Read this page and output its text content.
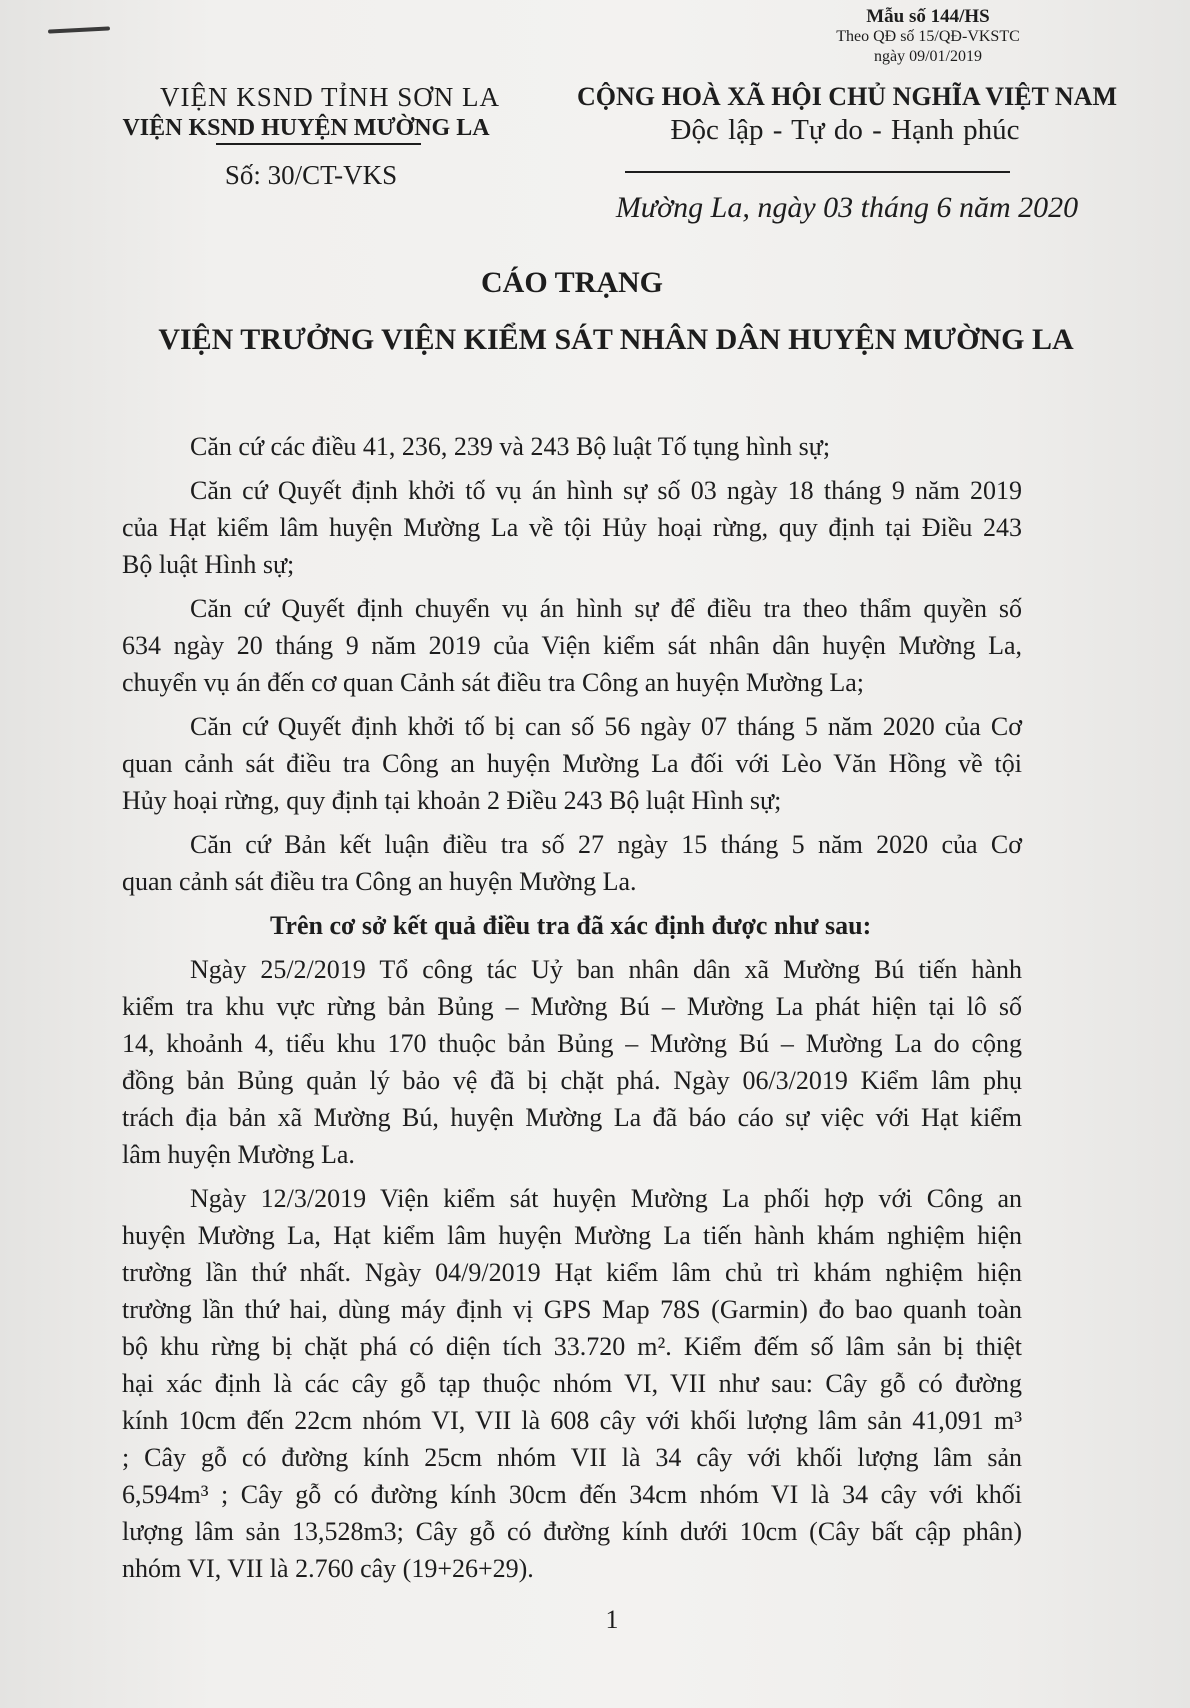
Mẫu số 144/HS
Theo QĐ số 15/QĐ-VKSTC
ngày 09/01/2019
VIỆN KSND TỈNH SƠN LA
VIỆN KSND HUYỆN MƯỜNG LA
Số: 30/CT-VKS
CỘNG HOÀ XÃ HỘI CHỦ NGHĨA VIỆT NAM
Độc lập - Tự do - Hạnh phúc
Mường La, ngày 03 tháng 6 năm 2020
CÁO TRẠNG
VIỆN TRƯỞNG VIỆN KIỂM SÁT NHÂN DÂN HUYỆN MƯỜNG LA
Căn cứ các điều 41, 236, 239 và 243 Bộ luật Tố tụng hình sự;
Căn cứ Quyết định khởi tố vụ án hình sự số 03 ngày 18 tháng 9 năm 2019
của Hạt kiểm lâm huyện Mường La về tội Hủy hoại rừng, quy định tại Điều 243
Bộ luật Hình sự;
Căn cứ Quyết định chuyển vụ án hình sự để điều tra theo thẩm quyền số
634 ngày 20 tháng 9 năm 2019 của Viện kiểm sát nhân dân huyện Mường La,
chuyển vụ án đến cơ quan Cảnh sát điều tra Công an huyện Mường La;
Căn cứ Quyết định khởi tố bị can số 56 ngày 07 tháng 5 năm 2020 của Cơ
quan cảnh sát điều tra Công an huyện Mường La đối với Lèo Văn Hồng về tội
Hủy hoại rừng, quy định tại khoản 2 Điều 243 Bộ luật Hình sự;
Căn cứ Bản kết luận điều tra số 27 ngày 15 tháng 5 năm 2020 của Cơ
quan cảnh sát điều tra Công an huyện Mường La.
Trên cơ sở kết quả điều tra đã xác định được như sau:
Ngày 25/2/2019 Tổ công tác Uỷ ban nhân dân xã Mường Bú tiến hành
kiểm tra khu vực rừng bản Bủng – Mường Bú – Mường La phát hiện tại lô số
14, khoảnh 4, tiểu khu 170 thuộc bản Bủng – Mường Bú – Mường La do cộng
đồng bản Bủng quản lý bảo vệ đã bị chặt phá. Ngày 06/3/2019 Kiểm lâm phụ
trách địa bản xã Mường Bú, huyện Mường La đã báo cáo sự việc với Hạt kiểm
lâm huyện Mường La.
Ngày 12/3/2019 Viện kiểm sát huyện Mường La phối hợp với Công an
huyện Mường La, Hạt kiểm lâm huyện Mường La tiến hành khám nghiệm hiện
trường lần thứ nhất. Ngày 04/9/2019 Hạt kiểm lâm chủ trì khám nghiệm hiện
trường lần thứ hai, dùng máy định vị GPS Map 78S (Garmin) đo bao quanh toàn
bộ khu rừng bị chặt phá có diện tích 33.720 m². Kiểm đếm số lâm sản bị thiệt
hại xác định là các cây gỗ tạp thuộc nhóm VI, VII như sau: Cây gỗ có đường
kính 10cm đến 22cm nhóm VI, VII là 608 cây với khối lượng lâm sản 41,091 m³
; Cây gỗ có đường kính 25cm nhóm VII là 34 cây với khối lượng lâm sản
6,594m³ ; Cây gỗ có đường kính 30cm đến 34cm nhóm VI là 34 cây với khối
lượng lâm sản 13,528m3; Cây gỗ có đường kính dưới 10cm (Cây bất cập phân)
nhóm VI, VII là 2.760 cây (19+26+29).
1
